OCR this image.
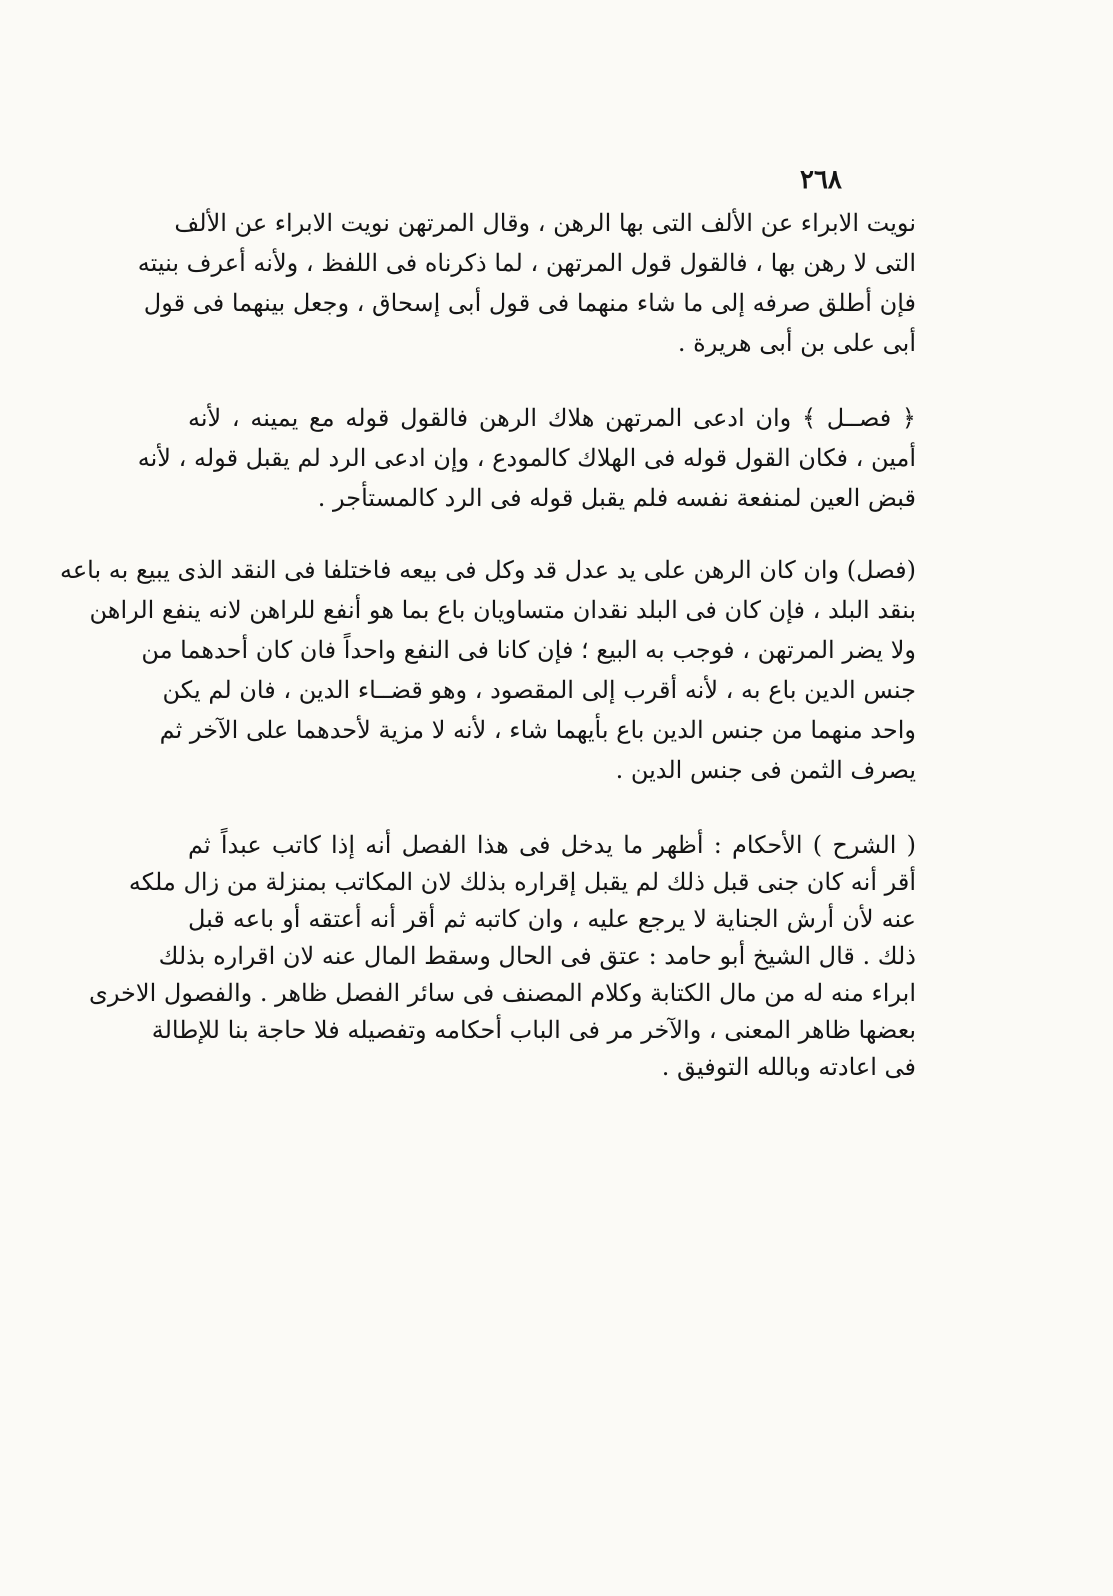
٢٦٨
نويت الابراء عن الألف التى بها الرهن ، وقال المرتهن نويت الابراء عن الألف
التى لا رهن بها ، فالقول قول المرتهن ، لما ذكرناه فى اللفظ ، ولأنه أعرف بنيته
فإن أطلق صرفه إلى ما شاء منهما فى قول أبى إسحاق ، وجعل بينهما فى قول
أبى على بن أبى هريرة .
﴿ فصــل ﴾ وان ادعى المرتهن هلاك الرهن فالقول قوله مع يمينه ، لأنه
أمين ، فكان القول قوله فى الهلاك كالمودع ، وإن ادعى الرد لم يقبل قوله ، لأنه
قبض العين لمنفعة نفسه فلم يقبل قوله فى الرد كالمستأجر .
(فصل) وان كان الرهن على يد عدل قد وكل فى بيعه فاختلفا فى النقد الذى يبيع به باعه
بنقد البلد ، فإن كان فى البلد نقدان متساويان باع بما هو أنفع للراهن لانه ينفع الراهن
ولا يضر المرتهن ، فوجب به البيع ؛ فإن كانا فى النفع واحداً فان كان أحدهما من
جنس الدين باع به ، لأنه أقرب إلى المقصود ، وهو قضــاء الدين ، فان لم يكن
واحد منهما من جنس الدين باع بأيهما شاء ، لأنه لا مزية لأحدهما على الآخر ثم
يصرف الثمن فى جنس الدين .
( الشرح ) الأحكام : أظهر ما يدخل فى هذا الفصل أنه إذا كاتب عبداً ثم
أقر أنه كان جنى قبل ذلك لم يقبل إقراره بذلك لان المكاتب بمنزلة من زال ملكه
عنه لأن أرش الجناية لا يرجع عليه ، وان كاتبه ثم أقر أنه أعتقه أو باعه قبل
ذلك . قال الشيخ أبو حامد : عتق فى الحال وسقط المال عنه لان اقراره بذلك
ابراء منه له من مال الكتابة وكلام المصنف فى سائر الفصل ظاهر . والفصول الاخرى
بعضها ظاهر المعنى ، والآخر مر فى الباب أحكامه وتفصيله فلا حاجة بنا للإطالة
فى اعادته وبالله التوفيق .
